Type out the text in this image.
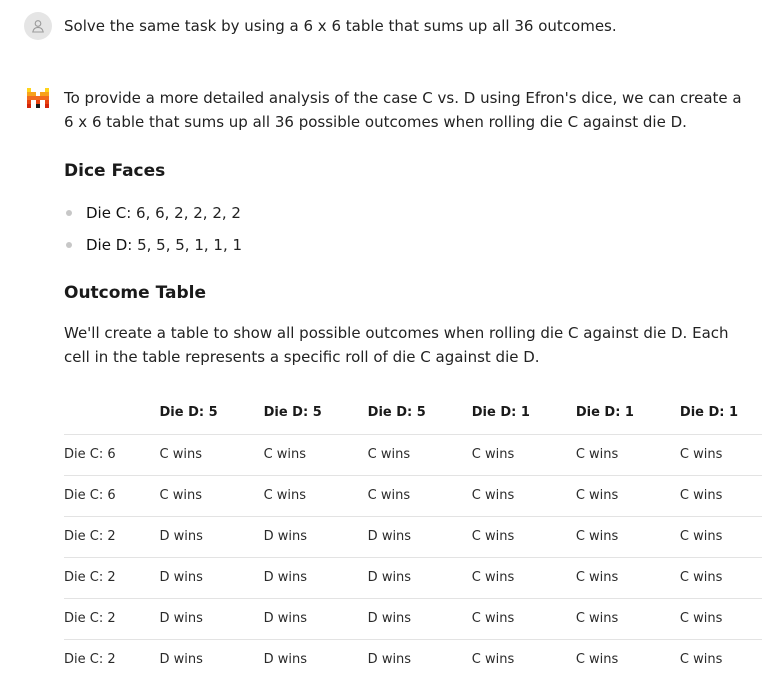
Solve the same task by using a 6 x 6 table that sums up all 36 outcomes.

To provide a more detailed analysis of the case C vs. D using Efron's dice, we can create a 6 x 6 table that sums up all 36 possible outcomes when rolling die C against die D.

Dice Faces
Die C: 6, 6, 2, 2, 2, 2
Die D: 5, 5, 5, 1, 1, 1
Outcome Table

We'll create a table to show all possible outcomes when rolling die C against die D. Each cell in the table represents a specific roll of die C against die D.

	Die D: 5	Die D: 5	Die D: 5	Die D: 1	Die D: 1	Die D: 1
Die C: 6	C wins	C wins	C wins	C wins	C wins	C wins
Die C: 6	C wins	C wins	C wins	C wins	C wins	C wins
Die C: 2	D wins	D wins	D wins	C wins	C wins	C wins
Die C: 2	D wins	D wins	D wins	C wins	C wins	C wins
Die C: 2	D wins	D wins	D wins	C wins	C wins	C wins
Die C: 2	D wins	D wins	D wins	C wins	C wins	C wins
